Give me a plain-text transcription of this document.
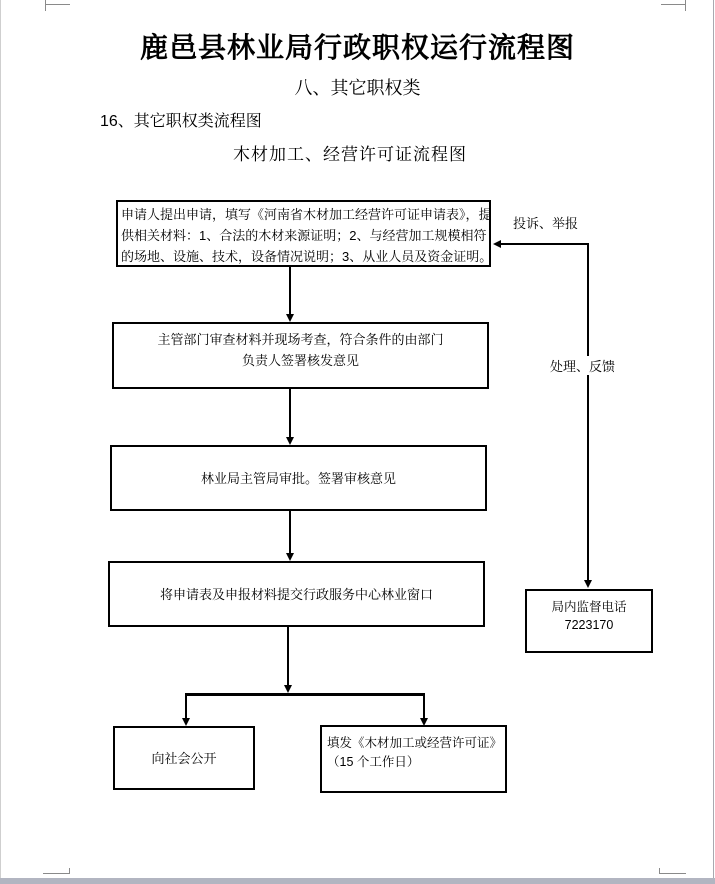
鹿邑县林业局行政职权运行流程图
八、其它职权类
16、其它职权类流程图
木材加工、经营许可证流程图
申请人提出申请，填写《河南省木材加工经营许可证申请表》，提
供相关材料：1、合法的木材来源证明；2、与经营加工规模相符
的场地、设施、技术，设备情况说明；3、从业人员及资金证明。
主管部门审查材料并现场考查，符合条件的由部门
负责人签署核发意见
林业局主管局审批。签署审核意见
将申请表及申报材料提交行政服务中心林业窗口
向社会公开
填发《木材加工或经营许可证》
（15 个工作日）
投诉、举报
处理、反馈
局内监督电话
7223170
